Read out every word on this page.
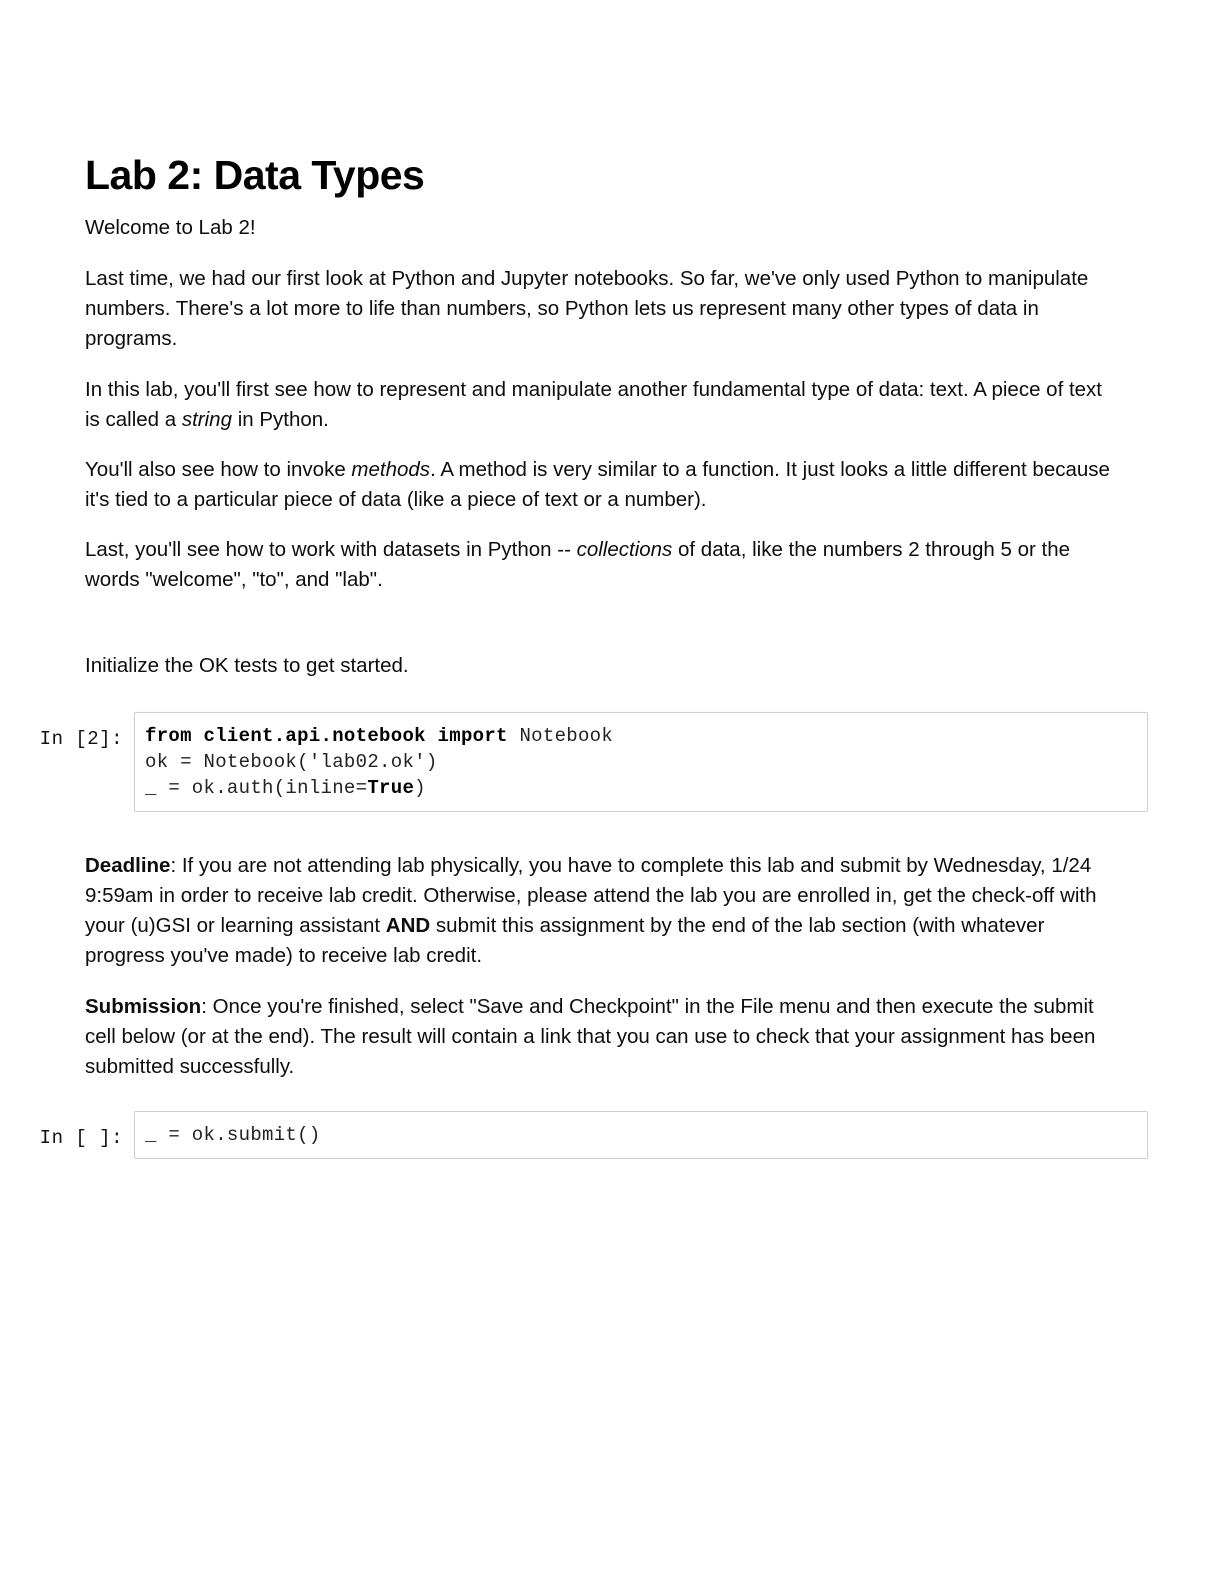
Lab 2: Data Types

Welcome to Lab 2!

Last time, we had our first look at Python and Jupyter notebooks. So far, we've only used Python to manipulate numbers. There's a lot more to life than numbers, so Python lets us represent many other types of data in programs.

In this lab, you'll first see how to represent and manipulate another fundamental type of data: text. A piece of text is called a string in Python.

You'll also see how to invoke methods. A method is very similar to a function. It just looks a little different because it's tied to a particular piece of data (like a piece of text or a number).

Last, you'll see how to work with datasets in Python -- collections of data, like the numbers 2 through 5 or the words "welcome", "to", and "lab".

Initialize the OK tests to get started.

Deadline: If you are not attending lab physically, you have to complete this lab and submit by Wednesday, 1/24 9:59am in order to receive lab credit. Otherwise, please attend the lab you are enrolled in, get the check-off with your (u)GSI or learning assistant AND submit this assignment by the end of the lab section (with whatever progress you've made) to receive lab credit.

Submission: Once you're finished, select "Save and Checkpoint" in the File menu and then execute the submit cell below (or at the end). The result will contain a link that you can use to check that your assignment has been submitted successfully.

In [2]:	from client.api.notebook import Notebook
ok = Notebook('lab02.ok')
_ = ok.auth(inline=True)
In [ ]:	_ = ok.submit()
